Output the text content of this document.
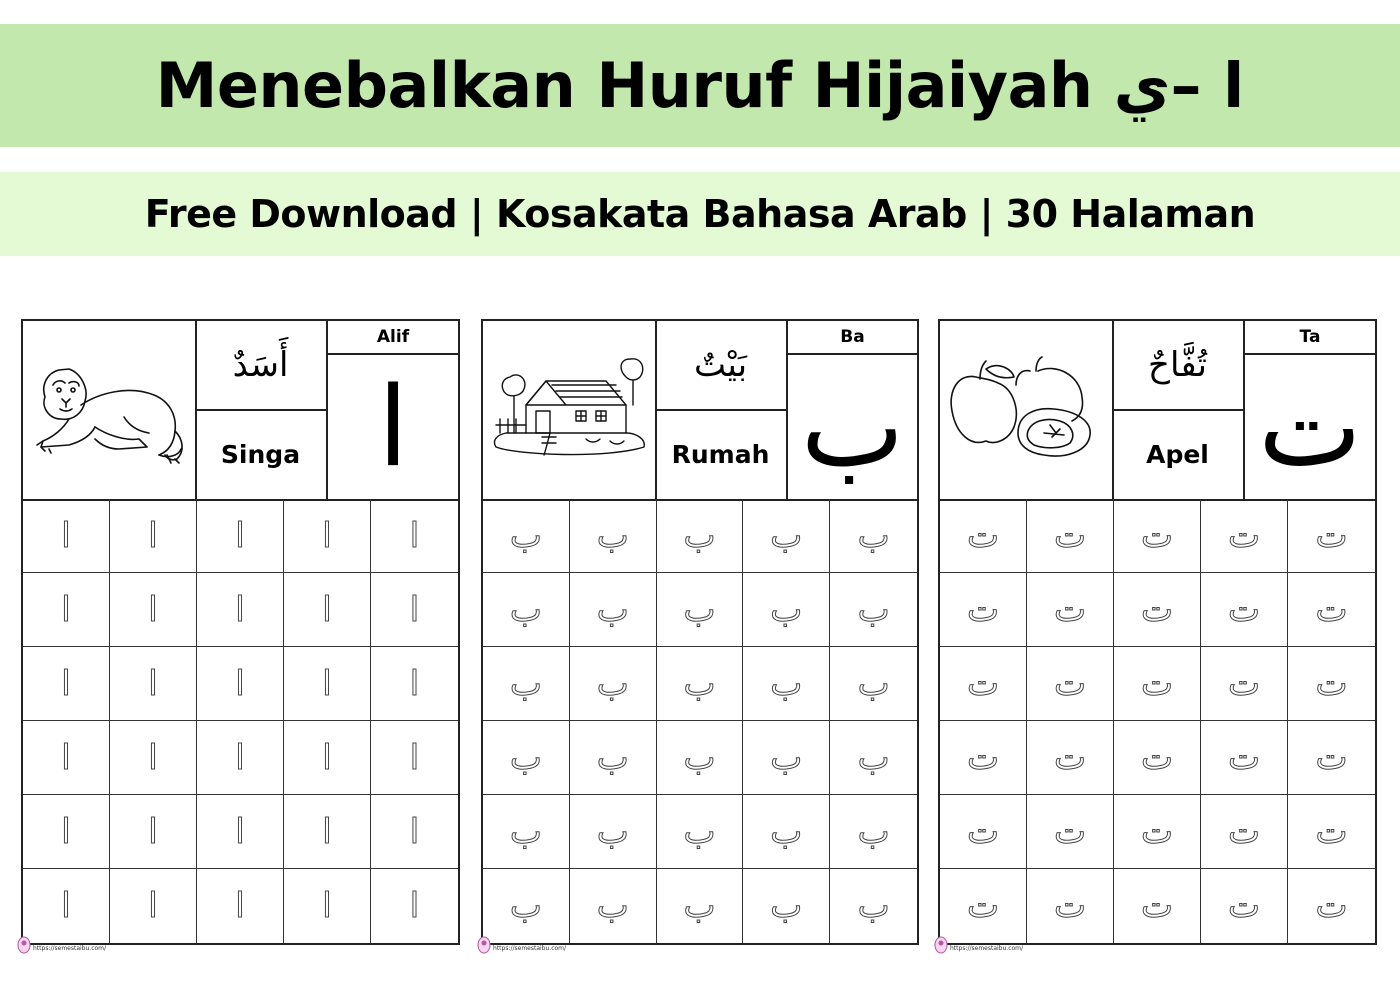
Menebalkan Huruf Hijaiyah ا –ي
Free Download | Kosakata Bahasa Arab | 30 Halaman
أَسَدٌ
Singa
Alif
ا
ا	ا	ا	ا	ا
ا	ا	ا	ا	ا
ا	ا	ا	ا	ا
ا	ا	ا	ا	ا
ا	ا	ا	ا	ا
ا	ا	ا	ا	ا
بَيْتٌ
Rumah
Ba
ب
ب	ب	ب	ب	ب
ب	ب	ب	ب	ب
ب	ب	ب	ب	ب
ب	ب	ب	ب	ب
ب	ب	ب	ب	ب
ب	ب	ب	ب	ب
تُفَّاحٌ
Apel
Ta
ت
ت	ت	ت	ت	ت
ت	ت	ت	ت	ت
ت	ت	ت	ت	ت
ت	ت	ت	ت	ت
ت	ت	ت	ت	ت
ت	ت	ت	ت	ت
https://semestaibu.com/	https://semestaibu.com/	https://semestaibu.com/
